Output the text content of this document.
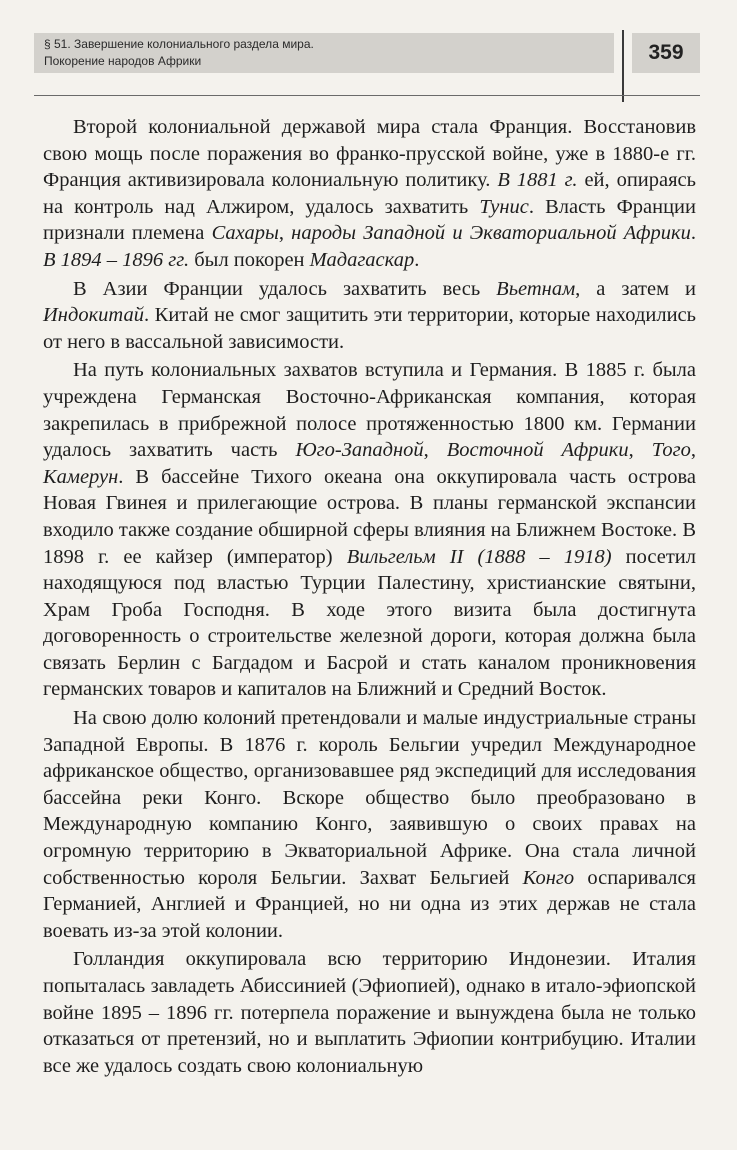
§ 51. Завершение колониального раздела мира.
Покорение народов Африки	359

Второй колониальной державой мира стала Франция. Восстановив свою мощь после поражения во франко-прусской войне, уже в 1880-е гг. Франция активизировала колониальную политику. В 1881 г. ей, опираясь на контроль над Алжиром, удалось захватить Тунис. Власть Франции признали племена Сахары, народы Западной и Экваториальной Африки. В 1894 – 1896 гг. был покорен Мадагаскар.

В Азии Франции удалось захватить весь Вьетнам, а затем и Индокитай. Китай не смог защитить эти территории, которые находились от него в вассальной зависимости.

На путь колониальных захватов вступила и Германия. В 1885 г. была учреждена Германская Восточно-Африканская компания, которая закрепилась в прибрежной полосе протяженностью 1800 км. Германии удалось захватить часть Юго-Западной, Восточной Африки, Того, Камерун. В бассейне Тихого океана она оккупировала часть острова Новая Гвинея и прилегающие острова. В планы германской экспансии входило также создание обширной сферы влияния на Ближнем Востоке. В 1898 г. ее кайзер (император) Вильгельм II (1888 – 1918) посетил находящуюся под властью Турции Палестину, христианские святыни, Храм Гроба Господня. В ходе этого визита была достигнута договоренность о строительстве железной дороги, которая должна была связать Берлин с Багдадом и Басрой и стать каналом проникновения германских товаров и капиталов на Ближний и Средний Восток.

На свою долю колоний претендовали и малые индустриальные страны Западной Европы. В 1876 г. король Бельгии учредил Международное африканское общество, организовавшее ряд экспедиций для исследования бассейна реки Конго. Вскоре общество было преобразовано в Международную компанию Конго, заявившую о своих правах на огромную территорию в Экваториальной Африке. Она стала личной собственностью короля Бельгии. Захват Бельгией Конго оспаривался Германией, Англией и Францией, но ни одна из этих держав не стала воевать из-за этой колонии.

Голландия оккупировала всю территорию Индонезии. Италия попыталась завладеть Абиссинией (Эфиопией), однако в итало-эфиопской войне 1895 – 1896 гг. потерпела поражение и вынуждена была не только отказаться от претензий, но и выплатить Эфиопии контрибуцию. Италии все же удалось создать свою колониальную
